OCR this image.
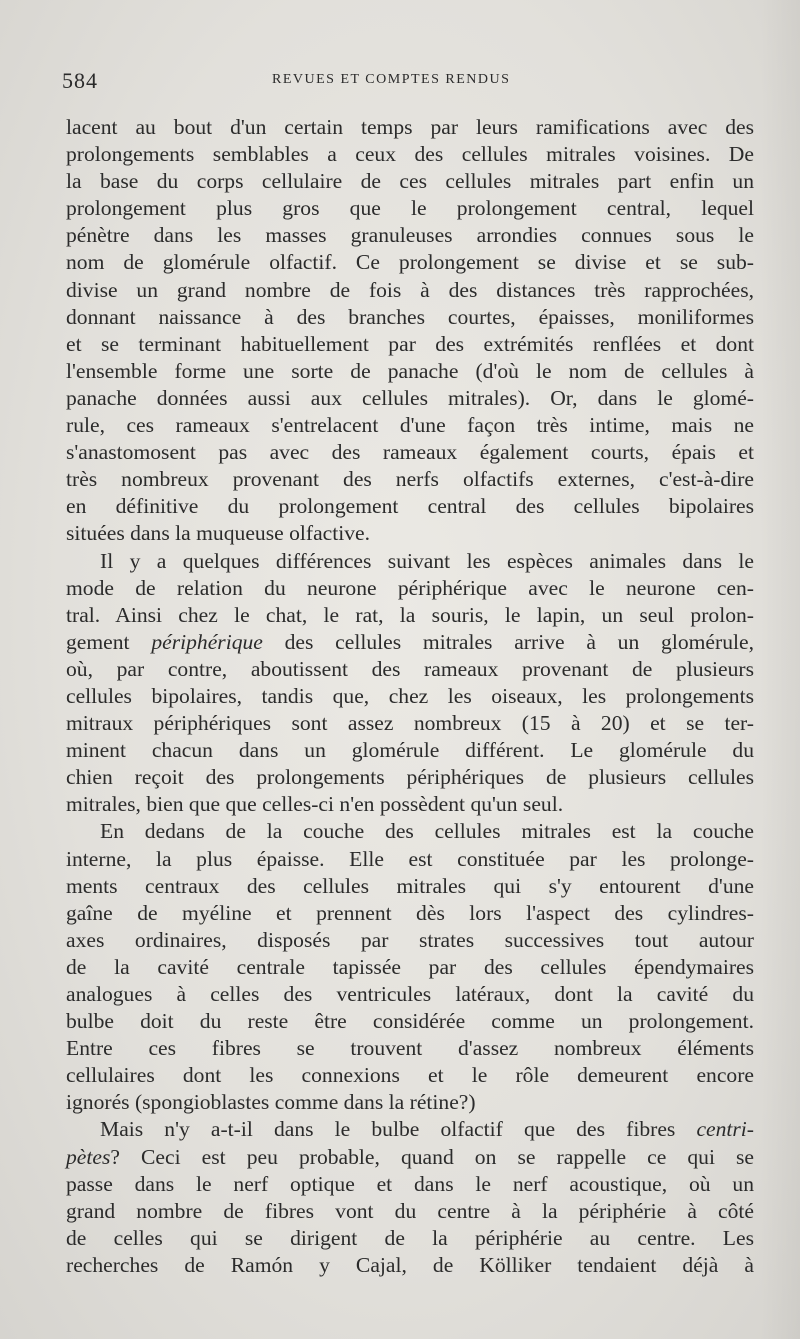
584	REVUES ET COMPTES RENDUS
lacent au bout d'un certain temps par leurs ramifications avec des
prolongements semblables a ceux des cellules mitrales voisines. De
la base du corps cellulaire de ces cellules mitrales part enfin un
prolongement plus gros que le prolongement central, lequel
pénètre dans les masses granuleuses arrondies connues sous le
nom de glomérule olfactif. Ce prolongement se divise et se sub-
divise un grand nombre de fois à des distances très rapprochées,
donnant naissance à des branches courtes, épaisses, moniliformes
et se terminant habituellement par des extrémités renflées et dont
l'ensemble forme une sorte de panache (d'où le nom de cellules à
panache données aussi aux cellules mitrales). Or, dans le glomé-
rule, ces rameaux s'entrelacent d'une façon très intime, mais ne
s'anastomosent pas avec des rameaux également courts, épais et
très nombreux provenant des nerfs olfactifs externes, c'est-à-dire
en définitive du prolongement central des cellules bipolaires
situées dans la muqueuse olfactive.
Il y a quelques différences suivant les espèces animales dans le
mode de relation du neurone périphérique avec le neurone cen-
tral. Ainsi chez le chat, le rat, la souris, le lapin, un seul prolon-
gement périphérique des cellules mitrales arrive à un glomérule,
où, par contre, aboutissent des rameaux provenant de plusieurs
cellules bipolaires, tandis que, chez les oiseaux, les prolongements
mitraux périphériques sont assez nombreux (15 à 20) et se ter-
minent chacun dans un glomérule différent. Le glomérule du
chien reçoit des prolongements périphériques de plusieurs cellules
mitrales, bien que que celles-ci n'en possèdent qu'un seul.
En dedans de la couche des cellules mitrales est la couche
interne, la plus épaisse. Elle est constituée par les prolonge-
ments centraux des cellules mitrales qui s'y entourent d'une
gaîne de myéline et prennent dès lors l'aspect des cylindres-
axes ordinaires, disposés par strates successives tout autour
de la cavité centrale tapissée par des cellules épendymaires
analogues à celles des ventricules latéraux, dont la cavité du
bulbe doit du reste être considérée comme un prolongement.
Entre ces fibres se trouvent d'assez nombreux éléments
cellulaires dont les connexions et le rôle demeurent encore
ignorés (spongioblastes comme dans la rétine?)
Mais n'y a-t-il dans le bulbe olfactif que des fibres centri-
pètes? Ceci est peu probable, quand on se rappelle ce qui se
passe dans le nerf optique et dans le nerf acoustique, où un
grand nombre de fibres vont du centre à la périphérie à côté
de celles qui se dirigent de la périphérie au centre. Les
recherches de Ramón y Cajal, de Kölliker tendaient déjà à
